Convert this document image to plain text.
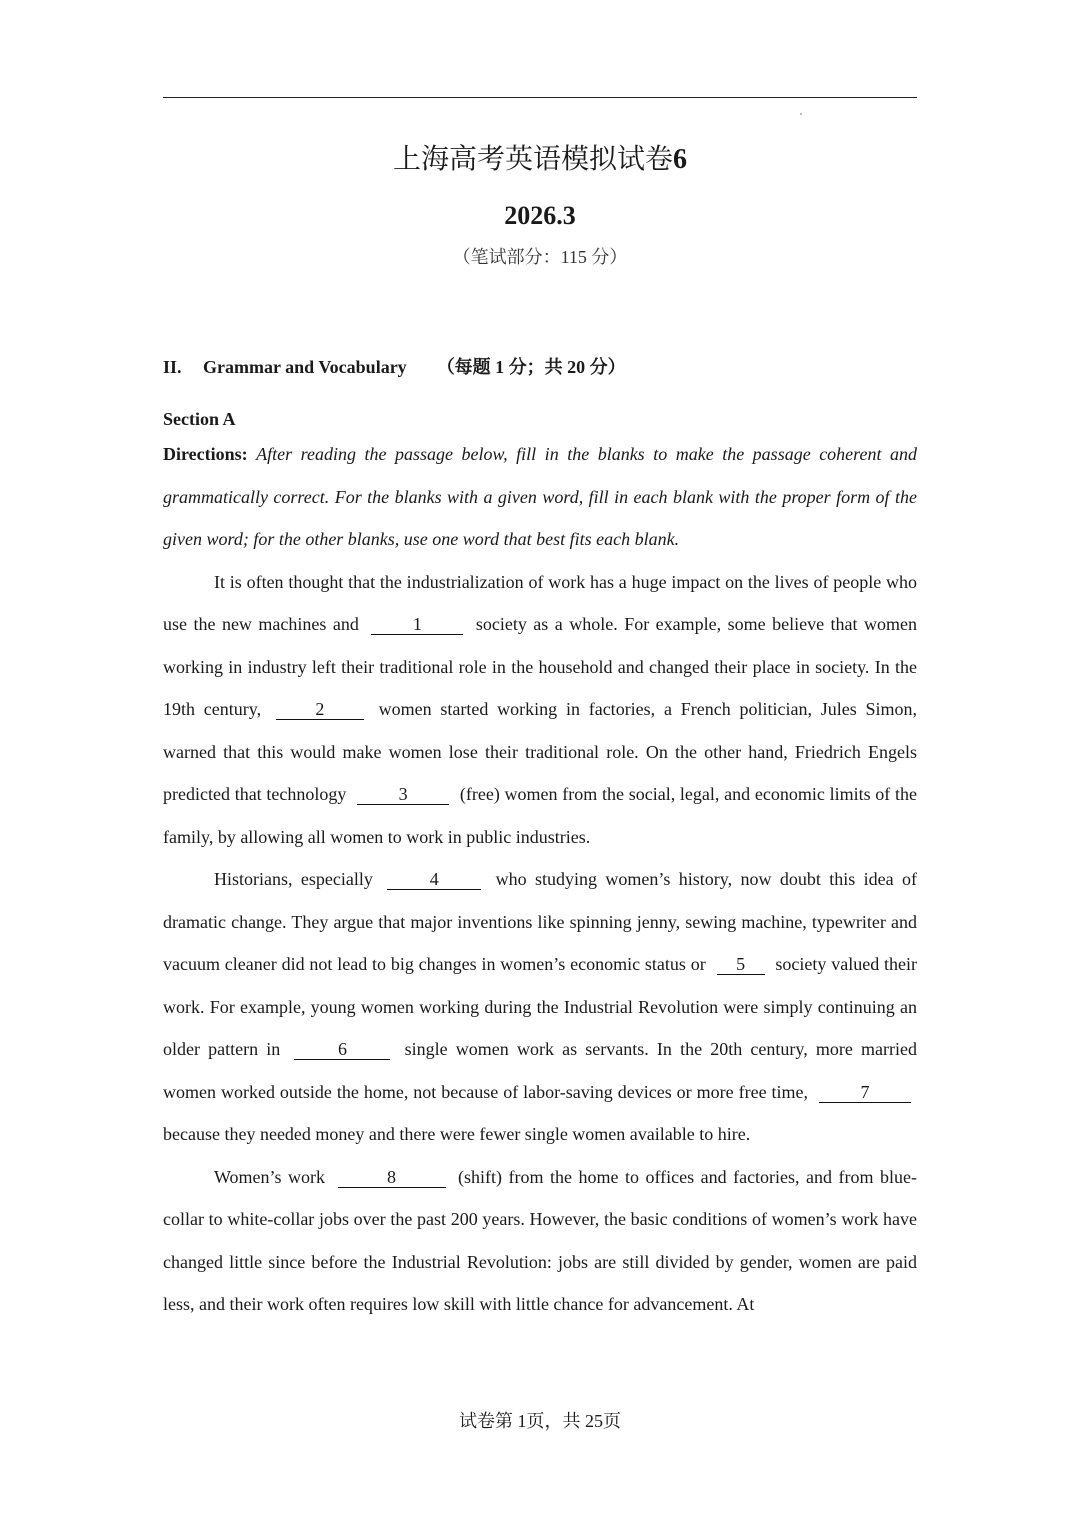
上海高考英语模拟试卷6
2026.3
（笔试部分：115 分）
II. Grammar and Vocabulary （每题 1 分；共 20 分）
Section A

Directions: After reading the passage below, fill in the blanks to make the passage coherent and grammatically correct. For the blanks with a given word, fill in each blank with the proper form of the given word; for the other blanks, use one word that best fits each blank.

It is often thought that the industrialization of work has a huge impact on the lives of people who use the new machines and	1	society as a whole. For example, some believe that women working in industry left their traditional role in the household and changed their place in society. In the 19th century,	2	women started working in factories, a French politician, Jules Simon, warned that this would make women lose their traditional role. On the other hand, Friedrich Engels predicted that technology	3	(free) women from the social, legal, and economic limits of the family, by allowing all women to work in public industries.

Historians, especially	4	who studying women’s history, now doubt this idea of dramatic change. They argue that major inventions like spinning jenny, sewing machine, typewriter and vacuum cleaner did not lead to big changes in women’s economic status or 5 society valued their work. For example, young women working during the Industrial Revolution were simply continuing an older pattern in	6	single women work as servants. In the 20th century, more married women worked outside the home, not because of labor-saving devices or more free time,	7 because they needed money and there were fewer single women available to hire.

Women’s work	8	(shift) from the home to offices and factories, and from blue-collar to white-collar jobs over the past 200 years. However, the basic conditions of women’s work have changed little since before the Industrial Revolution: jobs are still divided by gender, women are paid less, and their work often requires low skill with little chance for advancement. At

试卷第 1页，共 25页
